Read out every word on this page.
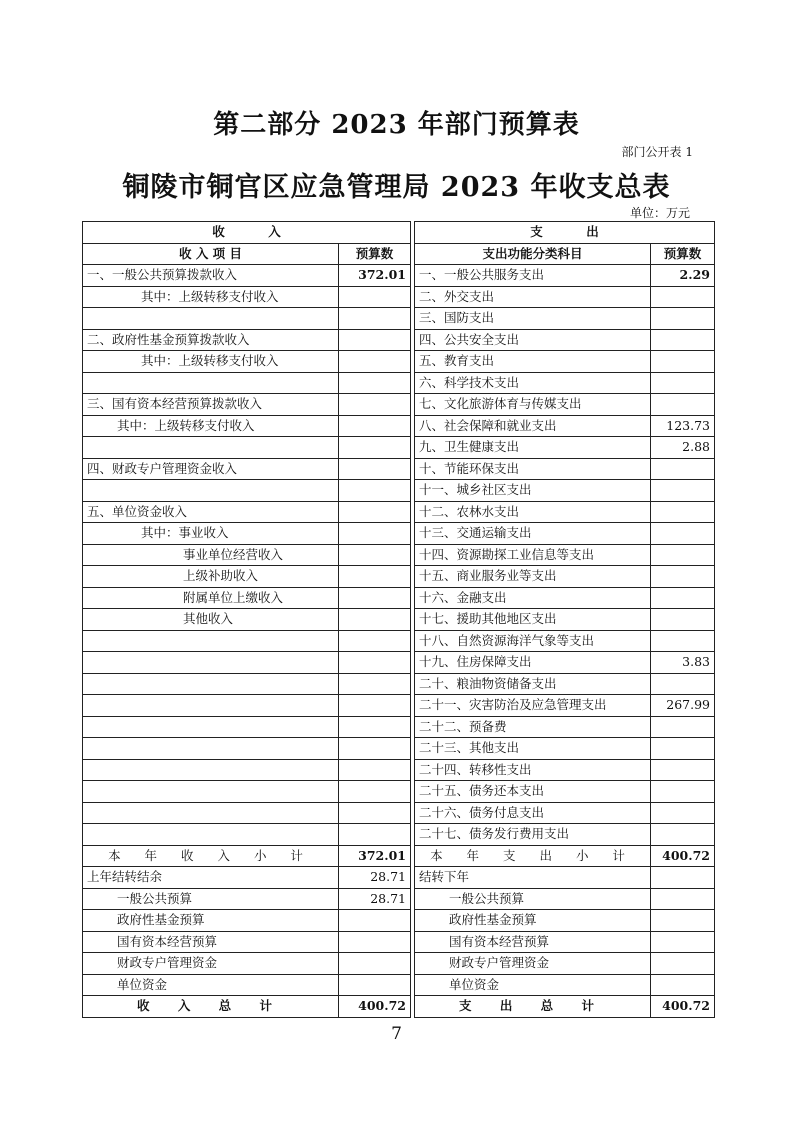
第二部分 2023 年部门预算表
部门公开表 1
铜陵市铜官区应急管理局 2023 年收支总表
单位：万元
收          入			支          出	
收 入 项 目	预算数		支出功能分类科目	预算数
一、一般公共预算拨款收入	372.01		一、一般公共服务支出	2.29
其中：上级转移支付收入			二、外交支出	
			三、国防支出	
二、政府性基金预算拨款收入			四、公共安全支出	
其中：上级转移支付收入			五、教育支出	
			六、科学技术支出	
三、国有资本经营预算拨款收入			七、文化旅游体育与传媒支出	
其中：上级转移支付收入			八、社会保障和就业支出	123.73
			九、卫生健康支出	2.88
四、财政专户管理资金收入			十、节能环保支出	
			十一、城乡社区支出	
五、单位资金收入			十二、农林水支出	
其中：事业收入			十三、交通运输支出	
事业单位经营收入			十四、资源勘探工业信息等支出	
上级补助收入			十五、商业服务业等支出	
附属单位上缴收入			十六、金融支出	
其他收入			十七、援助其他地区支出	
			十八、自然资源海洋气象等支出	
			十九、住房保障支出	3.83
			二十、粮油物资储备支出	
			二十一、灾害防治及应急管理支出	267.99
			二十二、预备费	
			二十三、其他支出	
			二十四、转移性支出	
			二十五、债务还本支出	
			二十六、债务付息支出	
			二十七、债务发行费用支出	
本 年 收 入 小 计	372.01		本 年 支 出 小 计	400.72
上年结转结余	28.71		结转下年	
一般公共预算	28.71		一般公共预算	
政府性基金预算			政府性基金预算	
国有资本经营预算			国有资本经营预算	
财政专户管理资金			财政专户管理资金	
单位资金			单位资金	
收 入 总 计	400.72		支 出 总 计	400.72
7
